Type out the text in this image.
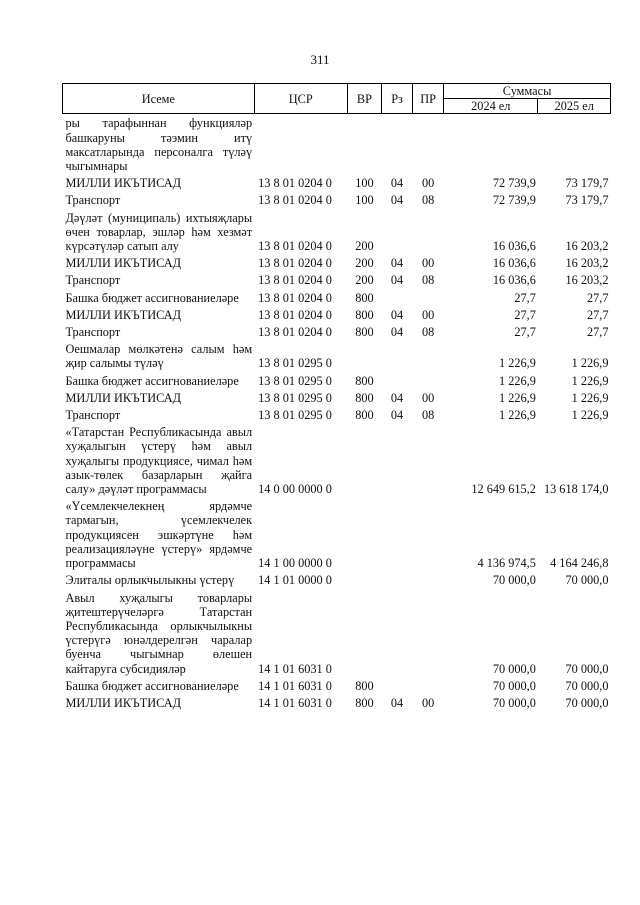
311
Исеме	ЦСР	ВР	Рз	ПР	Суммасы	
					2024 ел	2025 ел
ры тарафыннан функцияләр башкаруны тәэмин итү максатларында персоналга түләү чыгымнары						
МИЛЛИ ИКЪТИСАД	13 8 01 0204 0	100	04	00	72 739,9	73 179,7
Транспорт	13 8 01 0204 0	100	04	08	72 739,9	73 179,7
Дәүләт (муниципаль) ихтыяҗлары өчен товарлар, эшләр һәм хезмәт күрсәтүләр сатып алу	13 8 01 0204 0	200			16 036,6	16 203,2
МИЛЛИ ИКЪТИСАД	13 8 01 0204 0	200	04	00	16 036,6	16 203,2
Транспорт	13 8 01 0204 0	200	04	08	16 036,6	16 203,2
Башка бюджет ассигнованиеләре	13 8 01 0204 0	800			27,7	27,7
МИЛЛИ ИКЪТИСАД	13 8 01 0204 0	800	04	00	27,7	27,7
Транспорт	13 8 01 0204 0	800	04	08	27,7	27,7
Оешмалар мөлкәтенә салым һәм җир салымы түләү	13 8 01 0295 0				1 226,9	1 226,9
Башка бюджет ассигнованиеләре	13 8 01 0295 0	800			1 226,9	1 226,9
МИЛЛИ ИКЪТИСАД	13 8 01 0295 0	800	04	00	1 226,9	1 226,9
Транспорт	13 8 01 0295 0	800	04	08	1 226,9	1 226,9
«Татарстан Республикасында авыл хуҗалыгын үстерү һәм авыл хуҗалыгы продукциясе, чимал һәм азык-төлек базарларын җайга салу» дәүләт программасы	14 0 00 0000 0				12 649 615,2	13 618 174,0
«Үсемлекчелекнең ярдәмче тармагын, үсемлекчелек продукциясен эшкәртүне һәм реализацияләүне үстерү» ярдәмче программасы	14 1 00 0000 0				4 136 974,5	4 164 246,8
Элиталы орлыкчылыкны үстерү	14 1 01 0000 0				70 000,0	70 000,0
Авыл хуҗалыгы товарлары җитештерүчеләргә Татарстан Республикасында орлыкчылыкны үстерүгә юнәлдерелгән чаралар буенча чыгымнар өлешен кайтаруга субсидияләр	14 1 01 6031 0				70 000,0	70 000,0
Башка бюджет ассигнованиеләре	14 1 01 6031 0	800			70 000,0	70 000,0
МИЛЛИ ИКЪТИСАД	14 1 01 6031 0	800	04	00	70 000,0	70 000,0
